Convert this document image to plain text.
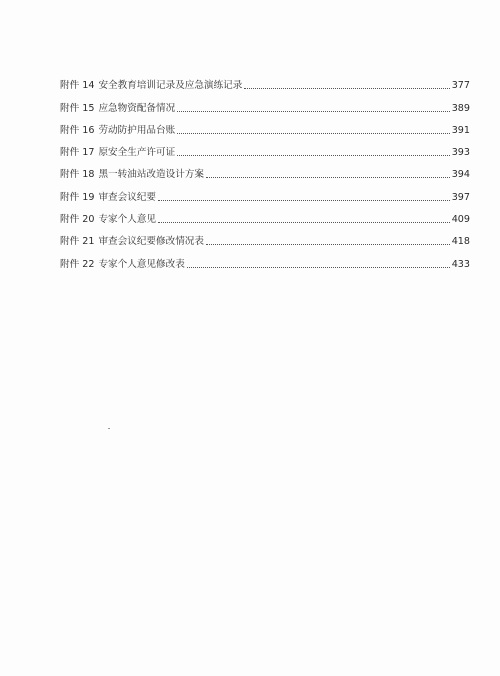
附件 14 安全教育培训记录及应急演练记录	377
附件 15 应急物资配备情况	389
附件 16 劳动防护用品台账	391
附件 17 原安全生产许可证	393
附件 18 黑一转油站改造设计方案	394
附件 19 审查会议纪要	397
附件 20 专家个人意见	409
附件 21 审查会议纪要修改情况表	418
附件 22 专家个人意见修改表	433
